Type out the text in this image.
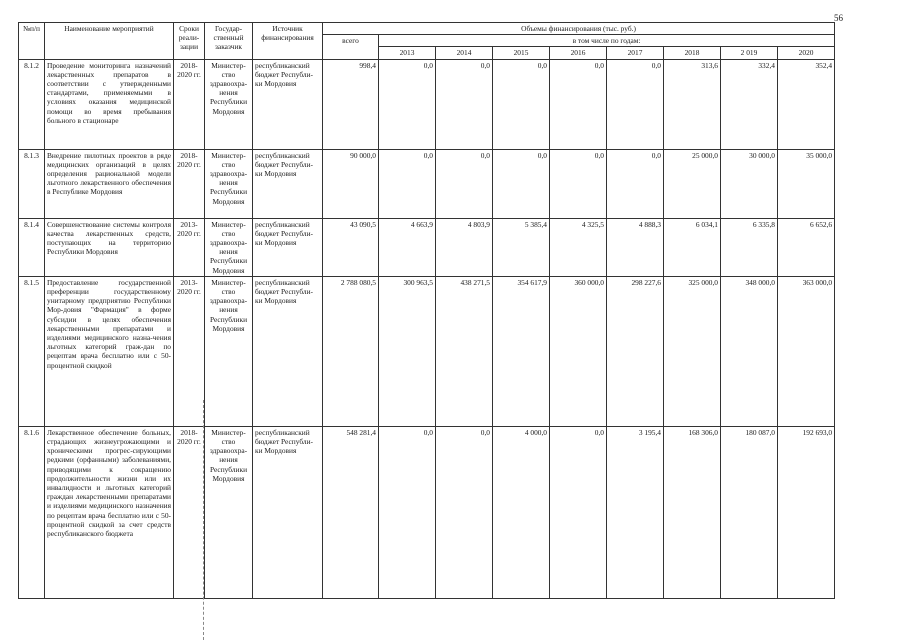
56
№п/п	Наименование мероприятий	Сроки реали-зации	Государ-ственный заказчик	Источник финансирования	Объемы финансирования (тыс. руб.)								
					всего	в том числе по годам:							
						2013	2014	2015	2016	2017	2018	2 019	2020
8.1.2	Проведение мониторинга назначений лекарственных препаратов в соответствии с утвержденными стандартами, применяемыми в условиях оказания медицинской помощи во время пребывания больного в стационаре	2018-2020 гг.	Министер-ство здравоохра-нения Республики Мордовия	республиканский бюджет Республи-ки Мордовия	998,4	0,0	0,0	0,0	0,0	0,0	313,6	332,4	352,4
8.1.3	Внедрение пилотных проектов в ряде медицинских организаций в целях определения рациональной модели льготного лекарственного обеспечения в Республике Мордовия	2018-2020 гг.	Министер-ство здравоохра-нения Республики Мордовия	республиканский бюджет Республи-ки Мордовия	90 000,0	0,0	0,0	0,0	0,0	0,0	25 000,0	30 000,0	35 000,0
8.1.4	Совершенствование системы контроля качества лекарственных средств, поступающих на территорию Республики Мордовия	2013-2020 гг.	Министер-ство здравоохра-нения Республики Мордовия	республиканский бюджет Республи-ки Мордовия	43 090,5	4 663,9	4 803,9	5 385,4	4 325,5	4 888,3	6 034,1	6 335,8	6 652,6
8.1.5	Предоставление государственной преференции государственному унитарному предприятию Республики Мор-довия "Фармация" в форме субсидии в целях обеспечения лекарственными препаратами и изделиями медицинского назна-чения льготных категорий граж-дан по рецептам врача бесплатно или с 50-процентной скидкой	2013-2020 гг.	Министер-ство здравоохра-нения Республики Мордовия	республиканский бюджет Республи-ки Мордовия	2 788 080,5	300 963,5	438 271,5	354 617,9	360 000,0	298 227,6	325 000,0	348 000,0	363 000,0
8.1.6	Лекарственное обеспечение больных, страдающих жизнеугрожающими и хроническими прогрес-сирующими редкими (орфанными) заболеваниями, приводящими к сокращению продолжительности жизни или их инвалидности и льготных категорий граждан лекарственными препаратами и изделиями медицинского назначения по рецептам врача бесплатно или с 50-процентной скидкой за счет средств республиканского бюджета	2018-2020 гг.	Министер-ство здравоохра-нения Республики Мордовия	республиканский бюджет Республи-ки Мордовия	548 281,4	0,0	0,0	4 000,0	0,0	3 195,4	168 306,0	180 087,0	192 693,0
